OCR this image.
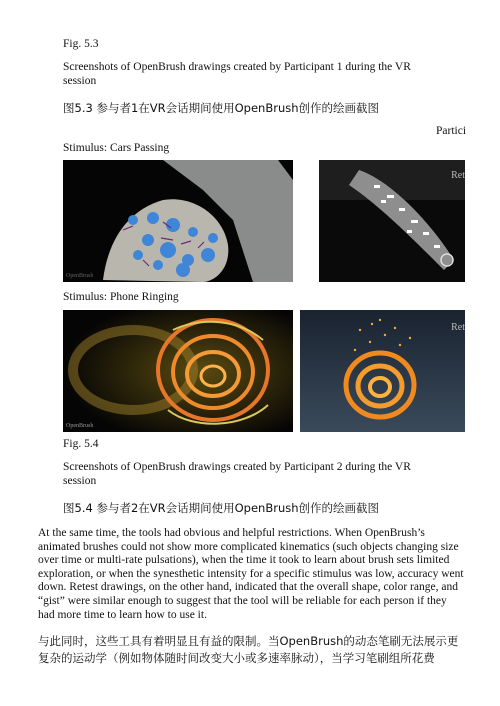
Fig. 5.3
Screenshots of OpenBrush drawings created by Participant 1 during the VR session
图5.3 参与者1在VR会话期间使用OpenBrush创作的绘画截图
Partici
Stimulus: Cars Passing
OpenBrush
Ret
Stimulus: Phone Ringing
OpenBrush
Ret
Fig. 5.4
Screenshots of OpenBrush drawings created by Participant 2 during the VR session
图5.4 参与者2在VR会话期间使用OpenBrush创作的绘画截图
At the same time, the tools had obvious and helpful restrictions. When OpenBrush’s animated brushes could not show more complicated kinematics (such objects changing size over time or multi-rate pulsations), when the time it took to learn about brush sets limited exploration, or when the synesthetic intensity for a specific stimulus was low, accuracy went down. Retest drawings, on the other hand, indicated that the overall shape, color range, and “gist” were similar enough to suggest that the tool will be reliable for each person if they had more time to learn how to use it.
与此同时，这些工具有着明显且有益的限制。当OpenBrush的动态笔刷无法展示更复杂的运动学（例如物体随时间改变大小或多速率脉动），当学习笔刷组所花费
